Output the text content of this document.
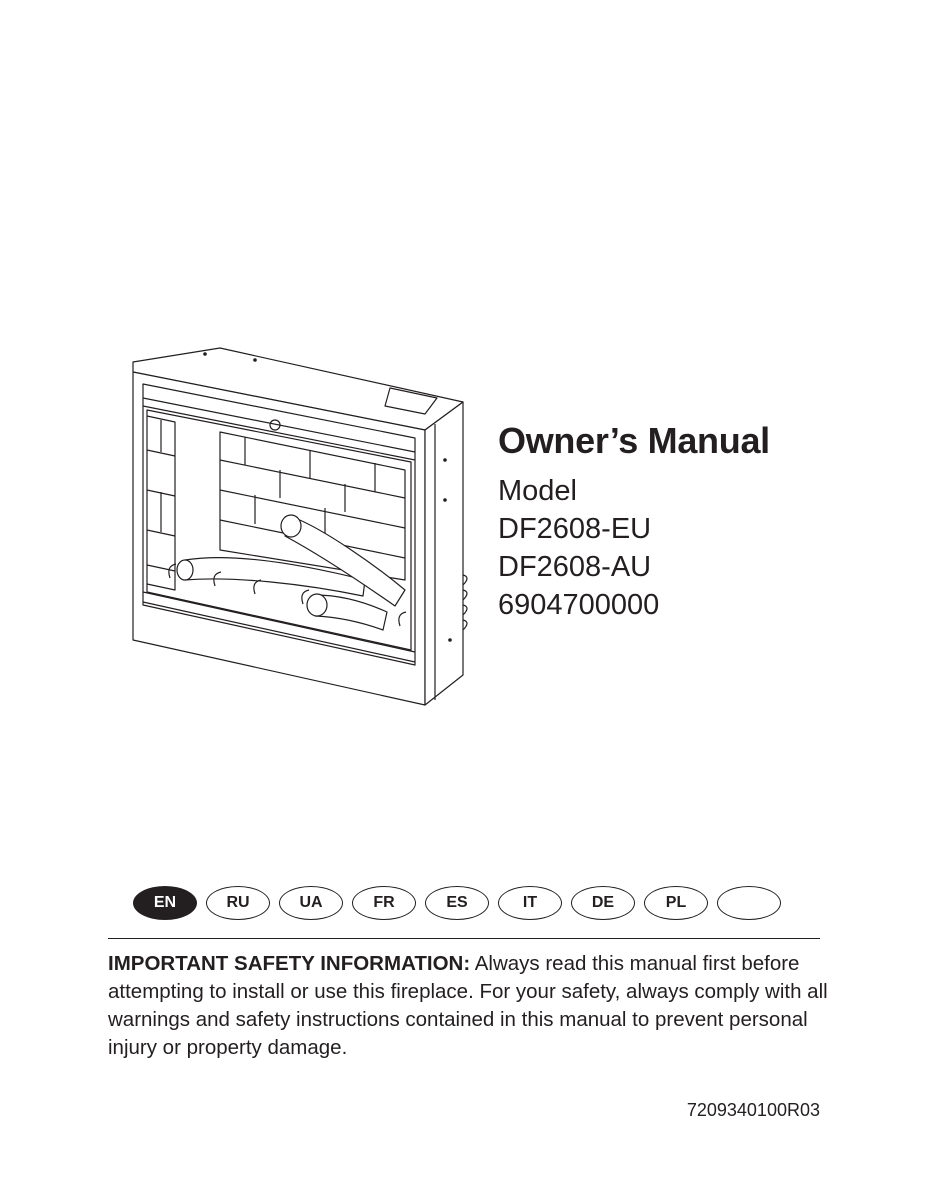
Owner’s Manual
Model
DF2608-EU
DF2608-AU
6904700000
EN	RU	UA	FR	ES	IT	DE	PL

IMPORTANT SAFETY INFORMATION: Always read this manual first before attempting to install or use this fireplace. For your safety, always comply with all warnings and safety instructions contained in this manual to prevent personal injury or property damage.

7209340100R03
